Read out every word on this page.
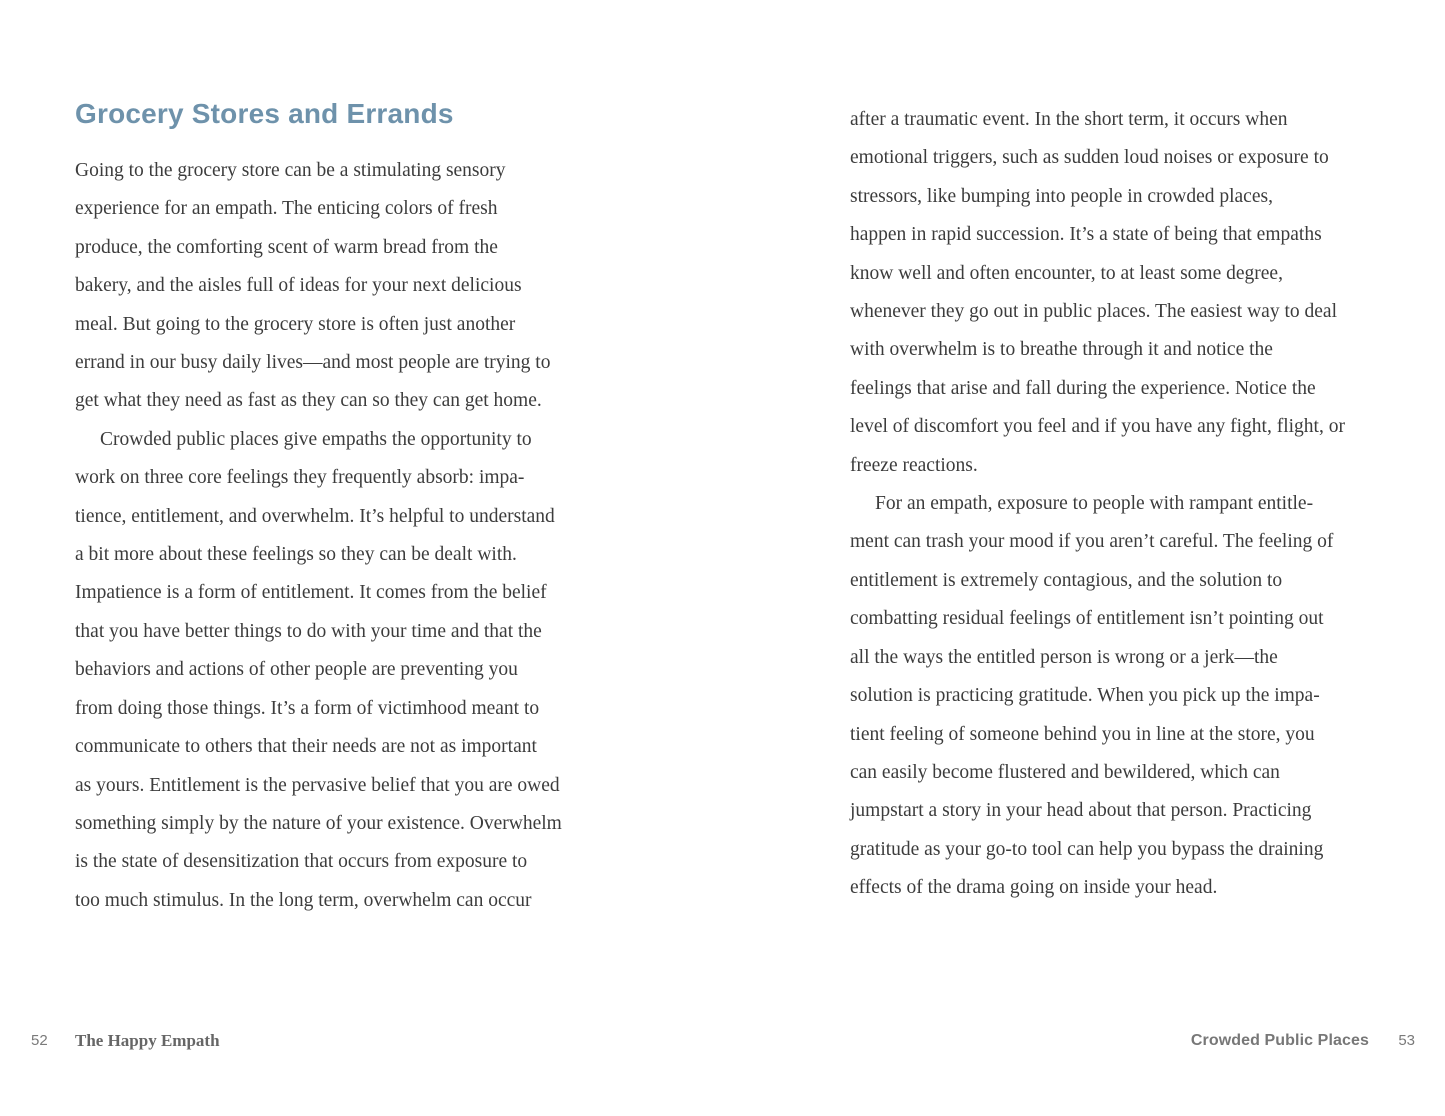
Grocery Stores and Errands

Going to the grocery store can be a stimulating sensory
experience for an empath. The enticing colors of fresh
produce, the comforting scent of warm bread from the
bakery, and the aisles full of ideas for your next delicious
meal. But going to the grocery store is often just another
errand in our busy daily lives—and most people are trying to
get what they need as fast as they can so they can get home.

Crowded public places give empaths the opportunity to
work on three core feelings they frequently absorb: impa-
tience, entitlement, and overwhelm. It’s helpful to understand
a bit more about these feelings so they can be dealt with.
Impatience is a form of entitlement. It comes from the belief
that you have better things to do with your time and that the
behaviors and actions of other people are preventing you
from doing those things. It’s a form of victimhood meant to
communicate to others that their needs are not as important
as yours. Entitlement is the pervasive belief that you are owed
something simply by the nature of your existence. Overwhelm
is the state of desensitization that occurs from exposure to
too much stimulus. In the long term, overwhelm can occur

52 The Happy Empath

after a traumatic event. In the short term, it occurs when
emotional triggers, such as sudden loud noises or exposure to
stressors, like bumping into people in crowded places,
happen in rapid succession. It’s a state of being that empaths
know well and often encounter, to at least some degree,
whenever they go out in public places. The easiest way to deal
with overwhelm is to breathe through it and notice the
feelings that arise and fall during the experience. Notice the
level of discomfort you feel and if you have any fight, flight, or
freeze reactions.

For an empath, exposure to people with rampant entitle-
ment can trash your mood if you aren’t careful. The feeling of
entitlement is extremely contagious, and the solution to
combatting residual feelings of entitlement isn’t pointing out
all the ways the entitled person is wrong or a jerk—the
solution is practicing gratitude. When you pick up the impa-
tient feeling of someone behind you in line at the store, you
can easily become flustered and bewildered, which can
jumpstart a story in your head about that person. Practicing
gratitude as your go-to tool can help you bypass the draining
effects of the drama going on inside your head.

Crowded Public Places 53
